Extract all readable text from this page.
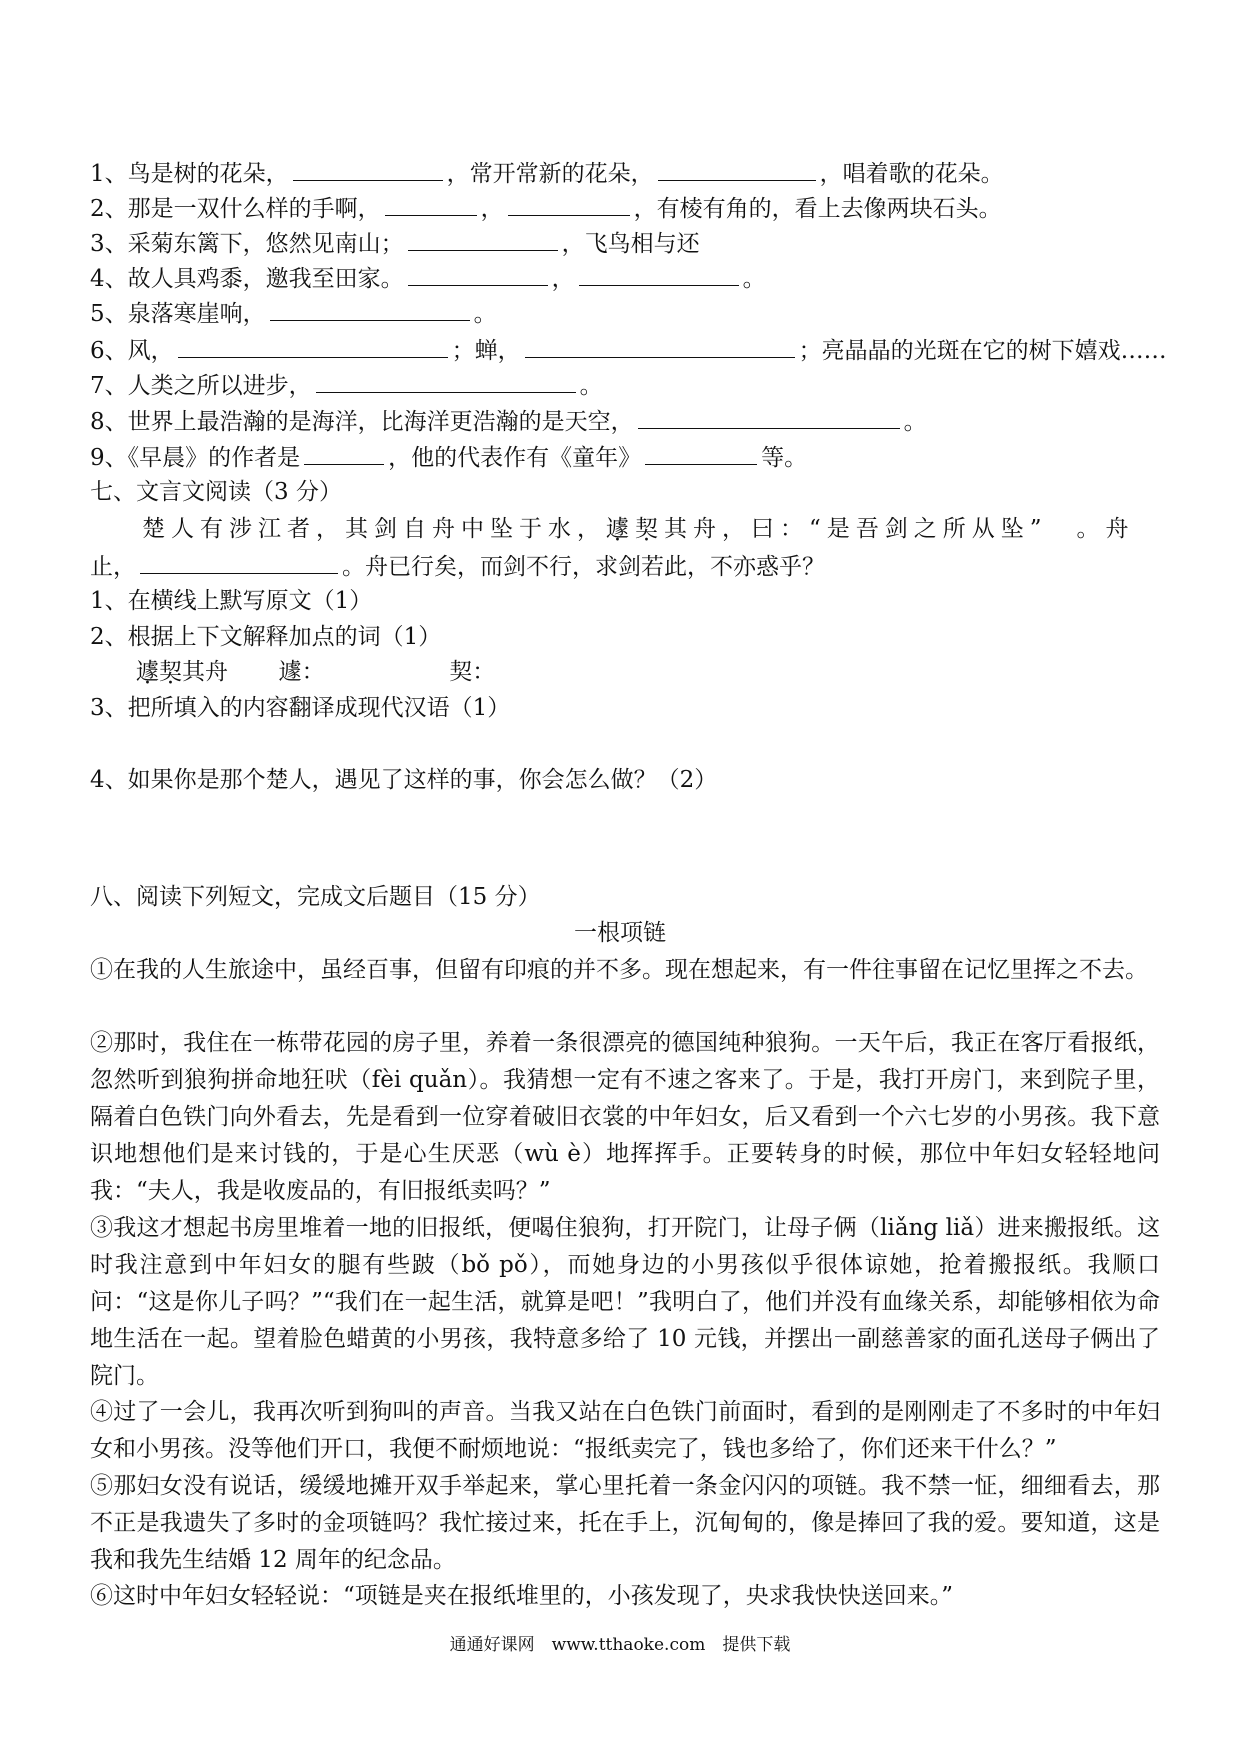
1、鸟是树的花朵，	，常开常新的花朵，	，唱着歌的花朵。
2、那是一双什么样的手啊，	，	，有棱有角的，看上去像两块石头。
3、采菊东篱下，悠然见南山；	，飞鸟相与还
4、故人具鸡黍，邀我至田家。	，	。
5、泉落寒崖响，	。
6、风，	；蝉，	；亮晶晶的光斑在它的树下嬉戏……
7、人类之所以进步，	。
8、世界上最浩瀚的是海洋，比海洋更浩瀚的是天空，	。
9、《早晨》的作者是	，他的代表作有《童年》	等。
七、文言文阅读（3 分）
楚人有涉江者，其剑自舟中坠于水，遽契其舟，曰：“是吾剑之所从坠”　。舟
止，	。舟已行矣，而剑不行，求剑若此，不亦惑乎？
1、在横线上默写原文（1）
2、根据上下文解释加点的词（1）
遽契其舟 遽：	契：
3、把所填入的内容翻译成现代汉语（1）
4、如果你是那个楚人，遇见了这样的事，你会怎么做？（2）
八、阅读下列短文，完成文后题目（15 分）
一根项链
①在我的人生旅途中，虽经百事，但留有印痕的并不多。现在想起来，有一件往事留在记忆里挥之不去。
②那时，我住在一栋带花园的房子里，养着一条很漂亮的德国纯种狼狗。一天午后，我正在客厅看报纸，忽然听到狼狗拼命地狂吠（fèi quǎn）。我猜想一定有不速之客来了。于是，我打开房门，来到院子里，隔着白色铁门向外看去，先是看到一位穿着破旧衣裳的中年妇女，后又看到一个六七岁的小男孩。我下意识地想他们是来讨钱的，于是心生厌恶（wù è）地挥挥手。正要转身的时候，那位中年妇女轻轻地问我：“夫人，我是收废品的，有旧报纸卖吗？”
③我这才想起书房里堆着一地的旧报纸，便喝住狼狗，打开院门，让母子俩（liǎng liǎ）进来搬报纸。这时我注意到中年妇女的腿有些跛（bǒ pǒ），而她身边的小男孩似乎很体谅她，抢着搬报纸。我顺口问：“这是你儿子吗？”“我们在一起生活，就算是吧！”我明白了，他们并没有血缘关系，却能够相依为命地生活在一起。望着脸色蜡黄的小男孩，我特意多给了 10 元钱，并摆出一副慈善家的面孔送母子俩出了院门。
④过了一会儿，我再次听到狗叫的声音。当我又站在白色铁门前面时，看到的是刚刚走了不多时的中年妇女和小男孩。没等他们开口，我便不耐烦地说：“报纸卖完了，钱也多给了，你们还来干什么？”
⑤那妇女没有说话，缓缓地摊开双手举起来，掌心里托着一条金闪闪的项链。我不禁一怔，细细看去，那不正是我遗失了多时的金项链吗？我忙接过来，托在手上，沉甸甸的，像是捧回了我的爱。要知道，这是我和我先生结婚 12 周年的纪念品。
⑥这时中年妇女轻轻说：“项链是夹在报纸堆里的，小孩发现了，央求我快快送回来。”
通通好课网　www.tthaoke.com　提供下载
